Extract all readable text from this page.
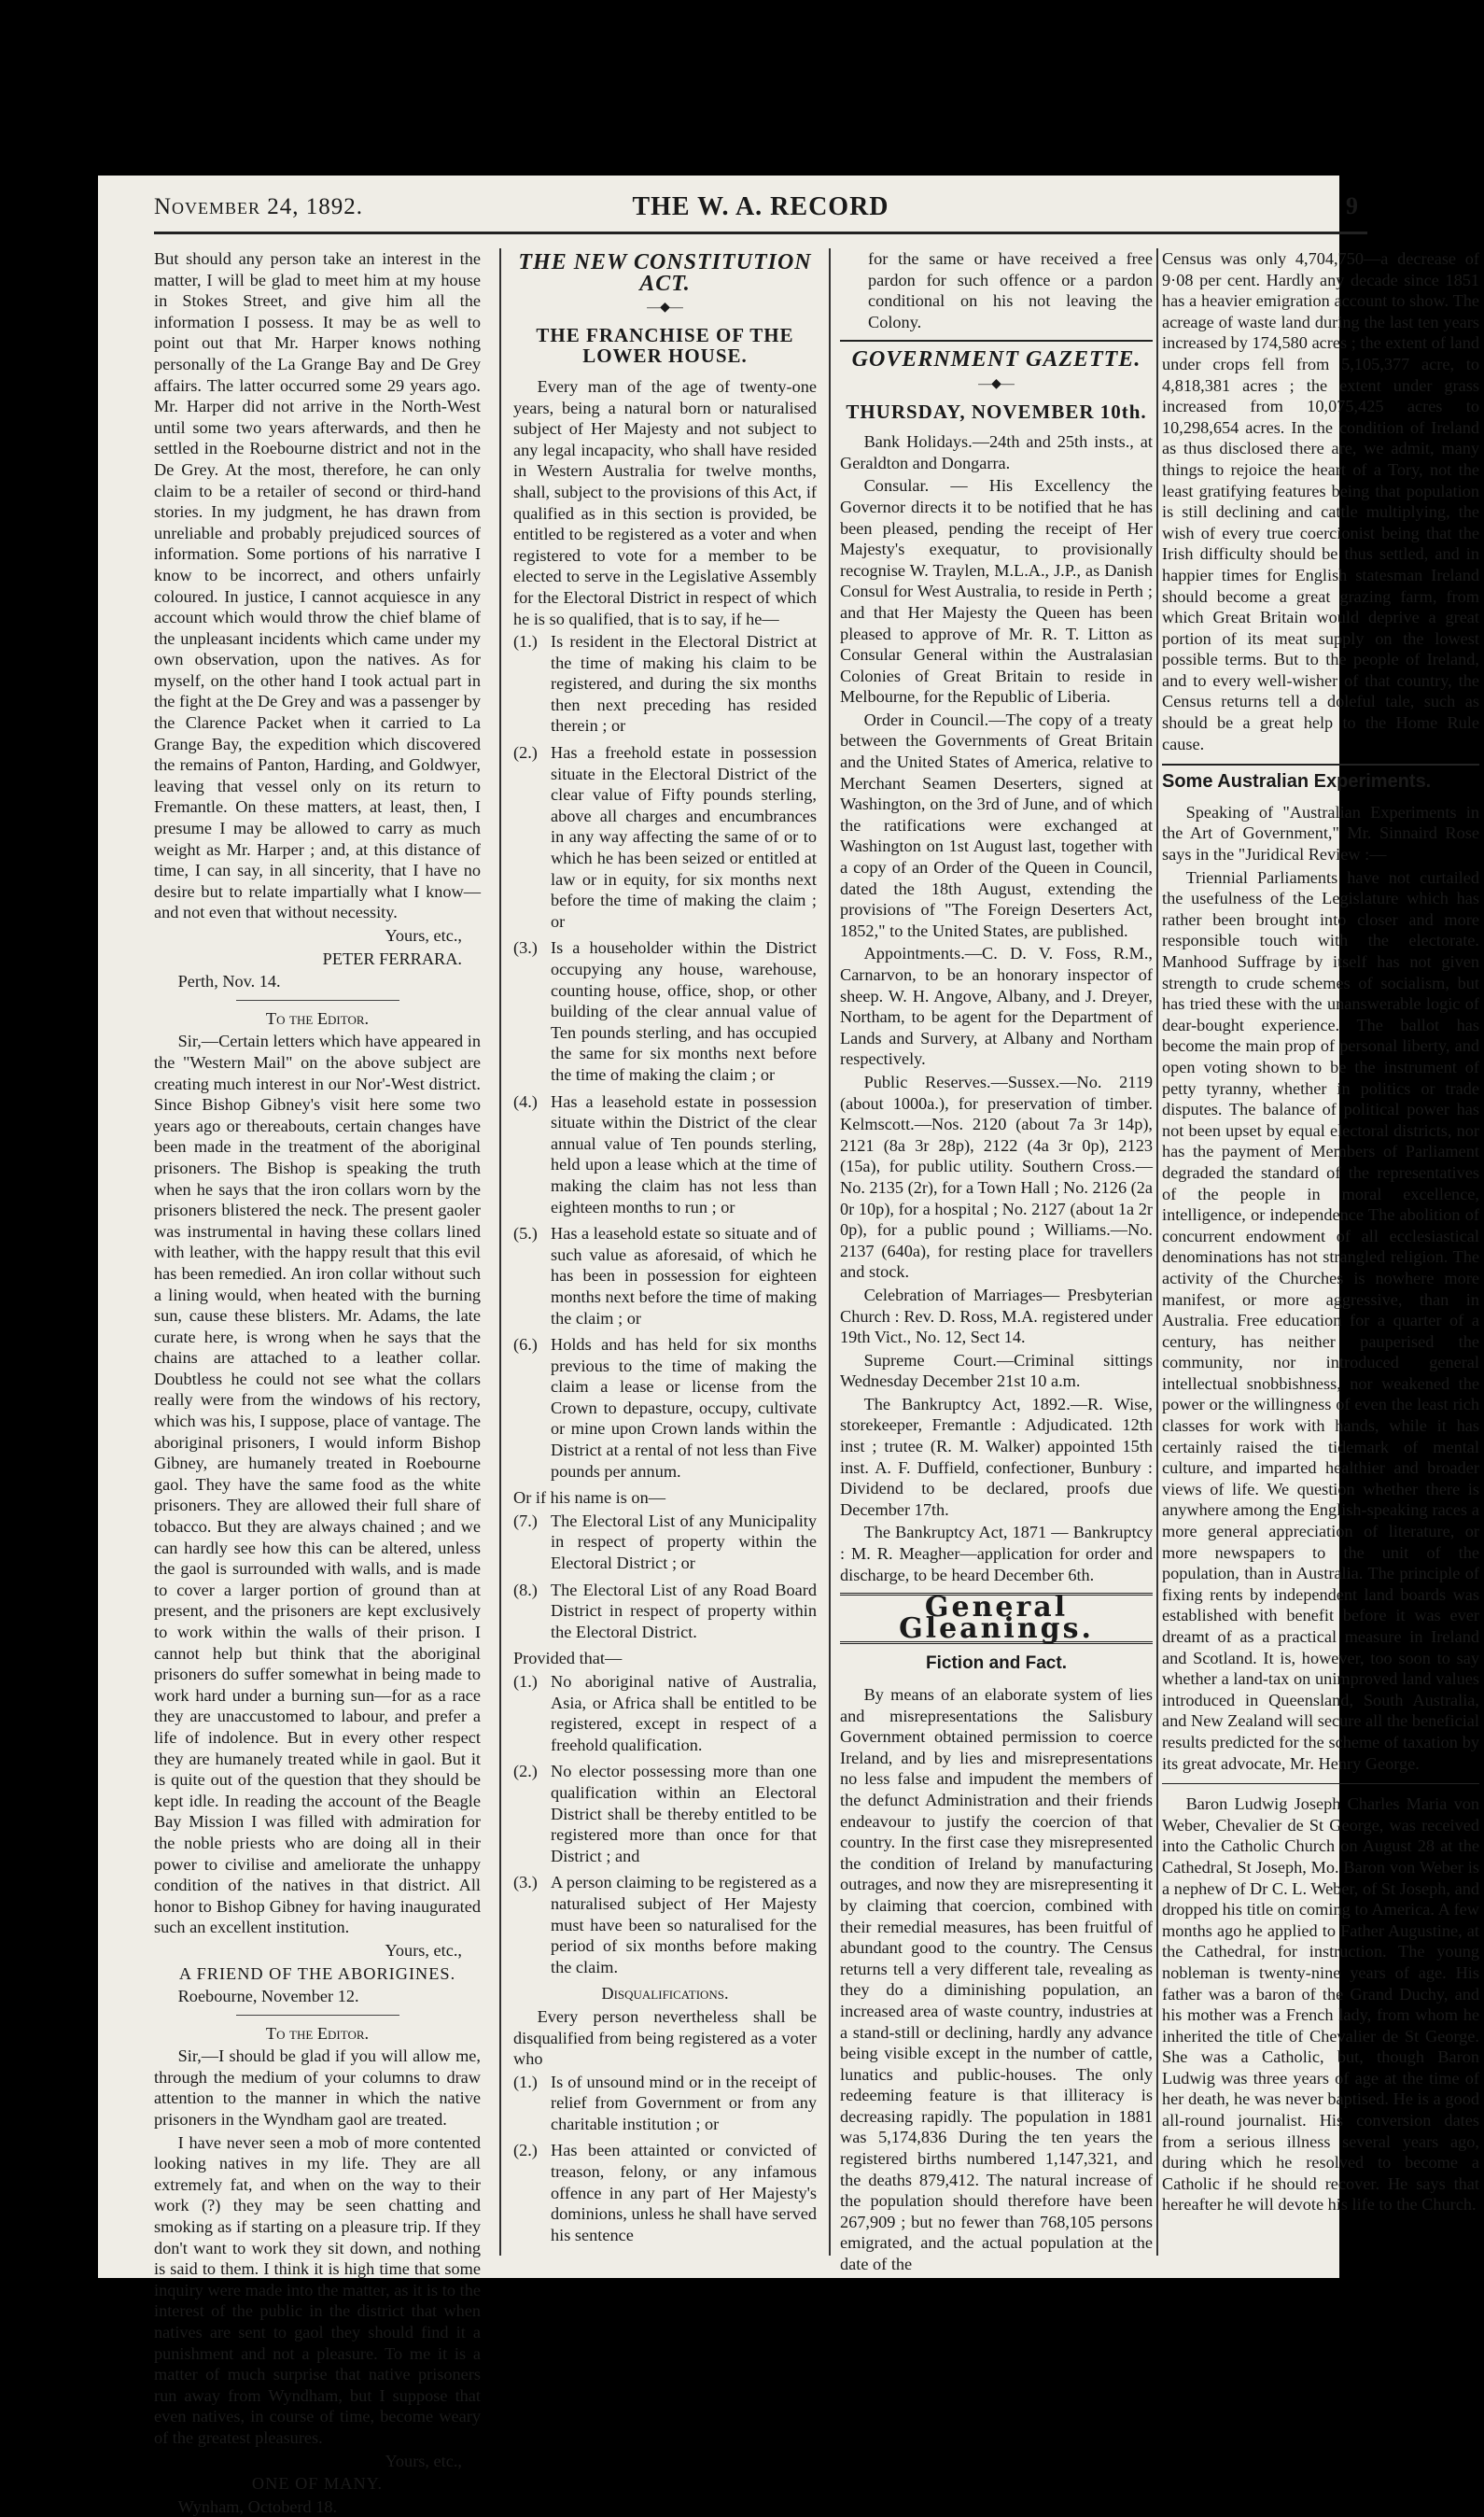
November 24, 1892.	THE W. A. RECORD	9

But should any person take an interest in the matter, I will be glad to meet him at my house in Stokes Street, and give him all the information I possess. It may be as well to point out that Mr. Harper knows nothing personally of the La Grange Bay and De Grey affairs. The latter occurred some 29 years ago. Mr. Harper did not arrive in the North-West until some two years afterwards, and then he settled in the Roebourne district and not in the De Grey. At the most, therefore, he can only claim to be a retailer of second or third-hand stories. In my judgment, he has drawn from unreliable and probably prejudiced sources of information. Some portions of his narrative I know to be incorrect, and others unfairly coloured. In justice, I cannot acquiesce in any account which would throw the chief blame of the unpleasant incidents which came under my own observation, upon the natives. As for myself, on the other hand I took actual part in the fight at the De Grey and was a passenger by the Clarence Packet when it carried to La Grange Bay, the expedition which discovered the remains of Panton, Harding, and Goldwyer, leaving that vessel only on its return to Fremantle. On these matters, at least, then, I presume I may be allowed to carry as much weight as Mr. Harper ; and, at this distance of time, I can say, in all sincerity, that I have no desire but to relate impartially what I know—and not even that without necessity.

Yours, etc.,

PETER FERRARA.

Perth, Nov. 14.

To the Editor.

Sir,—Certain letters which have appeared in the "Western Mail" on the above subject are creating much interest in our Nor'-West district. Since Bishop Gibney's visit here some two years ago or thereabouts, certain changes have been made in the treatment of the aboriginal prisoners. The Bishop is speaking the truth when he says that the iron collars worn by the prisoners blistered the neck. The present gaoler was instrumental in having these collars lined with leather, with the happy result that this evil has been remedied. An iron collar without such a lining would, when heated with the burning sun, cause these blisters. Mr. Adams, the late curate here, is wrong when he says that the chains are attached to a leather collar. Doubtless he could not see what the collars really were from the windows of his rectory, which was his, I suppose, place of vantage. The aboriginal prisoners, I would inform Bishop Gibney, are humanely treated in Roebourne gaol. They have the same food as the white prisoners. They are allowed their full share of tobacco. But they are always chained ; and we can hardly see how this can be altered, unless the gaol is surrounded with walls, and is made to cover a larger portion of ground than at present, and the prisoners are kept exclusively to work within the walls of their prison. I cannot help but think that the aboriginal prisoners do suffer somewhat in being made to work hard under a burning sun—for as a race they are unaccustomed to labour, and prefer a life of indolence. But in every other respect they are humanely treated while in gaol. But it is quite out of the question that they should be kept idle. In reading the account of the Beagle Bay Mission I was filled with admiration for the noble priests who are doing all in their power to civilise and ameliorate the unhappy condition of the natives in that district. All honor to Bishop Gibney for having inaugurated such an excellent institution.

Yours, etc.,

A FRIEND OF THE ABORIGINES.

Roebourne, November 12.

To the Editor.

Sir,—I should be glad if you will allow me, through the medium of your columns to draw attention to the manner in which the native prisoners in the Wyndham gaol are treated.

I have never seen a mob of more contented looking natives in my life. They are all extremely fat, and when on the way to their work (?) they may be seen chatting and smoking as if starting on a pleasure trip. If they don't want to work they sit down, and nothing is said to them. I think it is high time that some inquiry were made into the matter, as it is to the interest of the public in the district that when natives are sent to gaol they should find it a punishment and not a pleasure. To me it is a matter of much surprise that native prisoners run away from Wyndham, but I suppose that even natives, in course of time, become weary of the greatest pleasures.

Yours, etc.,

ONE OF MANY.

Wynham, Octoberd 18.

THE NEW CONSTITUTION ACT.
—◆—
THE FRANCHISE OF THE LOWER HOUSE.

Every man of the age of twenty-one years, being a natural born or naturalised subject of Her Majesty and not subject to any legal incapacity, who shall have resided in Western Australia for twelve months, shall, subject to the provisions of this Act, if qualified as in this section is provided, be entitled to be registered as a voter and when registered to vote for a member to be elected to serve in the Legislative Assembly for the Electoral District in respect of which he is so qualified, that is to say, if he—

(1.) Is resident in the Electoral District at the time of making his claim to be registered, and during the six months then next preceding has resided therein ; or
(2.) Has a freehold estate in possession situate in the Electoral District of the clear value of Fifty pounds sterling, above all charges and encumbrances in any way affecting the same of or to which he has been seized or entitled at law or in equity, for six months next before the time of making the claim ; or
(3.) Is a householder within the District occupying any house, warehouse, counting house, office, shop, or other building of the clear annual value of Ten pounds sterling, and has occupied the same for six months next before the time of making the claim ; or
(4.) Has a leasehold estate in possession situate within the District of the clear annual value of Ten pounds sterling, held upon a lease which at the time of making the claim has not less than eighteen months to run ; or
(5.) Has a leasehold estate so situate and of such value as aforesaid, of which he has been in possession for eighteen months next before the time of making the claim ; or
(6.) Holds and has held for six months previous to the time of making the claim a lease or license from the Crown to depasture, occupy, cultivate or mine upon Crown lands within the District at a rental of not less than Five pounds per annum.

Or if his name is on—

(7.) The Electoral List of any Municipality in respect of property within the Electoral District ; or
(8.) The Electoral List of any Road Board District in respect of property within the Electoral District.

Provided that—

(1.) No aboriginal native of Australia, Asia, or Africa shall be entitled to be registered, except in respect of a freehold qualification.
(2.) No elector possessing more than one qualification within an Electoral District shall be thereby entitled to be registered more than once for that District ; and
(3.) A person claiming to be registered as a naturalised subject of Her Majesty must have been so naturalised for the period of six months before making the claim.

Disqualifications.

Every person nevertheless shall be disqualified from being registered as a voter who

(1.) Is of unsound mind or in the receipt of relief from Government or from any charitable institution ; or
(2.) Has been attainted or convicted of treason, felony, or any infamous offence in any part of Her Majesty's dominions, unless he shall have served his sentence

for the same or have received a free pardon for such offence or a pardon conditional on his not leaving the Colony.

GOVERNMENT GAZETTE.
—◆—
THURSDAY, NOVEMBER 10th.

Bank Holidays.—24th and 25th insts., at Geraldton and Dongarra.

Consular. — His Excellency the Governor directs it to be notified that he has been pleased, pending the receipt of Her Majesty's exequatur, to provisionally recognise W. Traylen, M.L.A., J.P., as Danish Consul for West Australia, to reside in Perth ; and that Her Majesty the Queen has been pleased to approve of Mr. R. T. Litton as Consular General within the Australasian Colonies of Great Britain to reside in Melbourne, for the Republic of Liberia.

Order in Council.—The copy of a treaty between the Governments of Great Britain and the United States of America, relative to Merchant Seamen Deserters, signed at Washington, on the 3rd of June, and of which the ratifications were exchanged at Washington on 1st August last, together with a copy of an Order of the Queen in Council, dated the 18th August, extending the provisions of "The Foreign Deserters Act, 1852," to the United States, are published.

Appointments.—C. D. V. Foss, R.M., Carnarvon, to be an honorary inspector of sheep. W. H. Angove, Albany, and J. Dreyer, Northam, to be agent for the Department of Lands and Survery, at Albany and Northam respectively.

Public Reserves.—Sussex.—No. 2119 (about 1000a.), for preservation of timber. Kelmscott.—Nos. 2120 (about 7a 3r 14p), 2121 (8a 3r 28p), 2122 (4a 3r 0p), 2123 (15a), for public utility. Southern Cross.—No. 2135 (2r), for a Town Hall ; No. 2126 (2a 0r 10p), for a hospital ; No. 2127 (about 1a 2r 0p), for a public pound ; Williams.—No. 2137 (640a), for resting place for travellers and stock.

Celebration of Marriages— Presbyterian Church : Rev. D. Ross, M.A. registered under 19th Vict., No. 12, Sect 14.

Supreme Court.—Criminal sittings Wednesday December 21st 10 a.m.

The Bankruptcy Act, 1892.—R. Wise, storekeeper, Fremantle : Adjudicated. 12th inst ; trutee (R. M. Walker) appointed 15th inst. A. F. Duffield, confectioner, Bunbury : Dividend to be declared, proofs due December 17th.

The Bankruptcy Act, 1871 — Bankruptcy : M. R. Meagher—application for order and discharge, to be heard December 6th.

General Gleanings.
Fiction and Fact.

By means of an elaborate system of lies and misrepresentations the Salisbury Government obtained permission to coerce Ireland, and by lies and misrepresentations no less false and impudent the members of the defunct Administration and their friends endeavour to justify the coercion of that country. In the first case they misrepresented the condition of Ireland by manufacturing outrages, and now they are misrepresenting it by claiming that coercion, combined with their remedial measures, has been fruitful of abundant good to the country. The Census returns tell a very different tale, revealing as they do a diminishing population, an increased area of waste country, industries at a stand-still or declining, hardly any advance being visible except in the number of cattle, lunatics and public-houses. The only redeeming feature is that illiteracy is decreasing rapidly. The population in 1881 was 5,174,836 During the ten years the registered births numbered 1,147,321, and the deaths 879,412. The natural increase of the population should therefore have been 267,909 ; but no fewer than 768,105 persons emigrated, and the actual population at the date of the

Census was only 4,704,750—a decrease of 9·08 per cent. Hardly any decade since 1851 has a heavier emigration account to show. The acreage of waste land during the last ten years increased by 174,580 acres ; the extent of land under crops fell from 5,105,377 acre, to 4,818,381 acres ; the extent under grass increased from 10,075,425 acres to 10,298,654 acres. In the condition of Ireland as thus disclosed there are, we admit, many things to rejoice the heart of a Tory, not the least gratifying features being that population is still declining and cattle multiplying, the wish of every true coercionist being that the Irish difficulty should be thus settled, and in happier times for English statesman Ireland should become a great grazing farm, from which Great Britain would deprive a great portion of its meat supply on the lowest possible terms. But to the people of Ireland, and to every well-wisher of that country, the Census returns tell a doleful tale, such as should be a great help to the Home Rule cause.

Some Australian Experiments.

Speaking of "Australian Experiments in the Art of Government," Mr. Sinnaird Rose says in the "Juridical Review :—

Triennial Parliaments have not curtailed the usefulness of the Legislature which has rather been brought into closer and more responsible touch with the electorate. Manhood Suffrage by itself has not given strength to crude schemes of socialism, but has tried these with the unanswerable logic of dear-bought experience. The ballot has become the main prop of personal liberty, and open voting shown to be the instrument of petty tyranny, whether in politics or trade disputes. The balance of political power has not been upset by equal electoral districts, nor has the payment of Members of Parliament degraded the standard of the representatives of the people in moral excellence, intelligence, or independence The abolition of concurrent endowment of all ecclesiastical denominations has not strangled religion. The activity of the Churches is nowhere more manifest, or more aggressive, than in Australia. Free education for a quarter of a century, has neither pauperised the community, nor introduced general intellectual snobbishness, nor weakened the power or the willingness of even the least rich classes for work with hands, while it has certainly raised the tidemark of mental culture, and imparted healthier and broader views of life. We question whether there is anywhere among the English-speaking races a more general appreciation of literature, or more newspapers to the unit of the population, than in Australia. The principle of fixing rents by independent land boards was established with benefit before it was ever dreamt of as a practical measure in Ireland and Scotland. It is, however, too soon to say whether a land-tax on unimproved land values introduced in Queensland, South Australia, and New Zealand will secure all the beneficial results predicted for the scheme of taxation by its great advocate, Mr. Henry George.

Baron Ludwig Joseph Charles Maria von Weber, Chevalier de St George, was received into the Catholic Church on August 28 at the Cathedral, St Joseph, Mo. Baron von Weber is a nephew of Dr C. L. Weber, of St Joseph, and dropped his title on coming to America. A few months ago he applied to Father Augustine, at the Cathedral, for instruction. The young nobleman is twenty-nine years of age. His father was a baron of the Grand Duchy, and his mother was a French lady, from whom he inherited the title of Chevalier de St George. She was a Catholic, but, though Baron Ludwig was three years of age at the time of her death, he was never baptised. He is a good all-round journalist. His conversion dates from a serious illness several years ago, during which he resolved to become a Catholic if he should recover. He says that hereafter he will devote his life to the Church.
